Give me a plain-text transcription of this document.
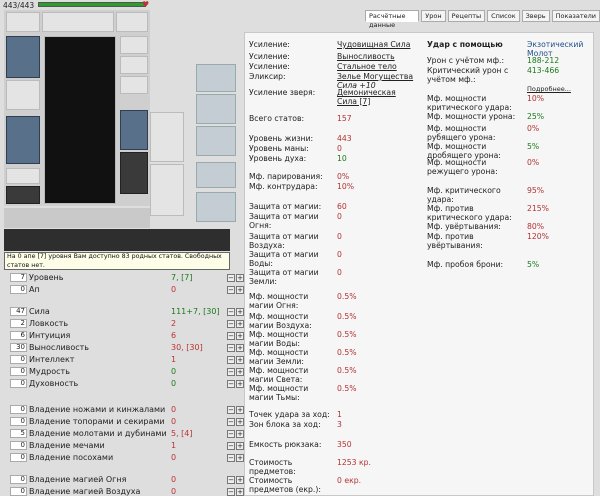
443/443	♥
На 0 апе [7] уровня Вам доступно 83 родных статов. Свободных статов нет.
7 Уровень	7, [7]	− +
0 Ап	0	− +
47 Сила	111+7, [30]	− +
2 Ловкость	2	− +
6 Интуиция	6	− +
30 Выносливость	30, [30]	− +
0 Интеллект	1	− +
0 Мудрость	0	− +
0 Духовность	0	− +
0 Владение ножами и кинжалами 0	− +
0 Владение топорами и секирами 0	− +
5 Владение молотами и дубинами 5, [4]	− +
0 Владение мечами	1	− +
0 Владение посохами	0	− +
0 Владение магией Огня	0	− +
0 Владение магией Воздуха	0	− +
Расчётные данные
Урон	Рецепты	Список	Зверь	Показатели
Усиление:	Чудовищная Сила
Усиление:	Выносливость
Усиление:	Стальное тело
Эликсир:	Зелье Могущества
Сила +10
Усиление зверя:	Демоническая Сила [7]
Всего статов:	157
Уровень жизни:	443
Уровень маны:	0
Уровень духа:	10
Мф. парирования:	0%
Мф. контрудара:	10%
Защита от магии:	60
Защита от магии Огня:
0
Защита от магии Воздуха:
0
Защита от магии Воды:
0
Защита от магии Земли:
0
Мф. мощности магии Огня:
0.5%
Мф. мощности магии Воздуха:
0.5%
Мф. мощности магии Воды:
0.5%
Мф. мощности магии Земли:
0.5%
Мф. мощности магии Света:
0.5%
Мф. мощности магии Тьмы:
0.5%
Точек удара за ход: 1
Зон блока за ход:	3
Емкость рюкзака:	350
Стоимость предметов:
1253 кр.
Стоимость предметов (екр.):
0 екр.
Удар с помощью	Экзотический Молот
Урон с учётом мф.:	188-212
Критический урон с учётом мф.:
413-466
Подробнее...
Мф. мощности критического удара:
10%
Мф. мощности урона:	25%
Мф. мощности рубящего урона:
0%
Мф. мощности дробящего урона:
5%
Мф. мощности режущего урона:
0%
Мф. критического удара:
95%
Мф. против критического удара:
215%
Мф. увёртывания:	80%
Мф. против увёртывания:
120%
Мф. пробоя брони:	5%
